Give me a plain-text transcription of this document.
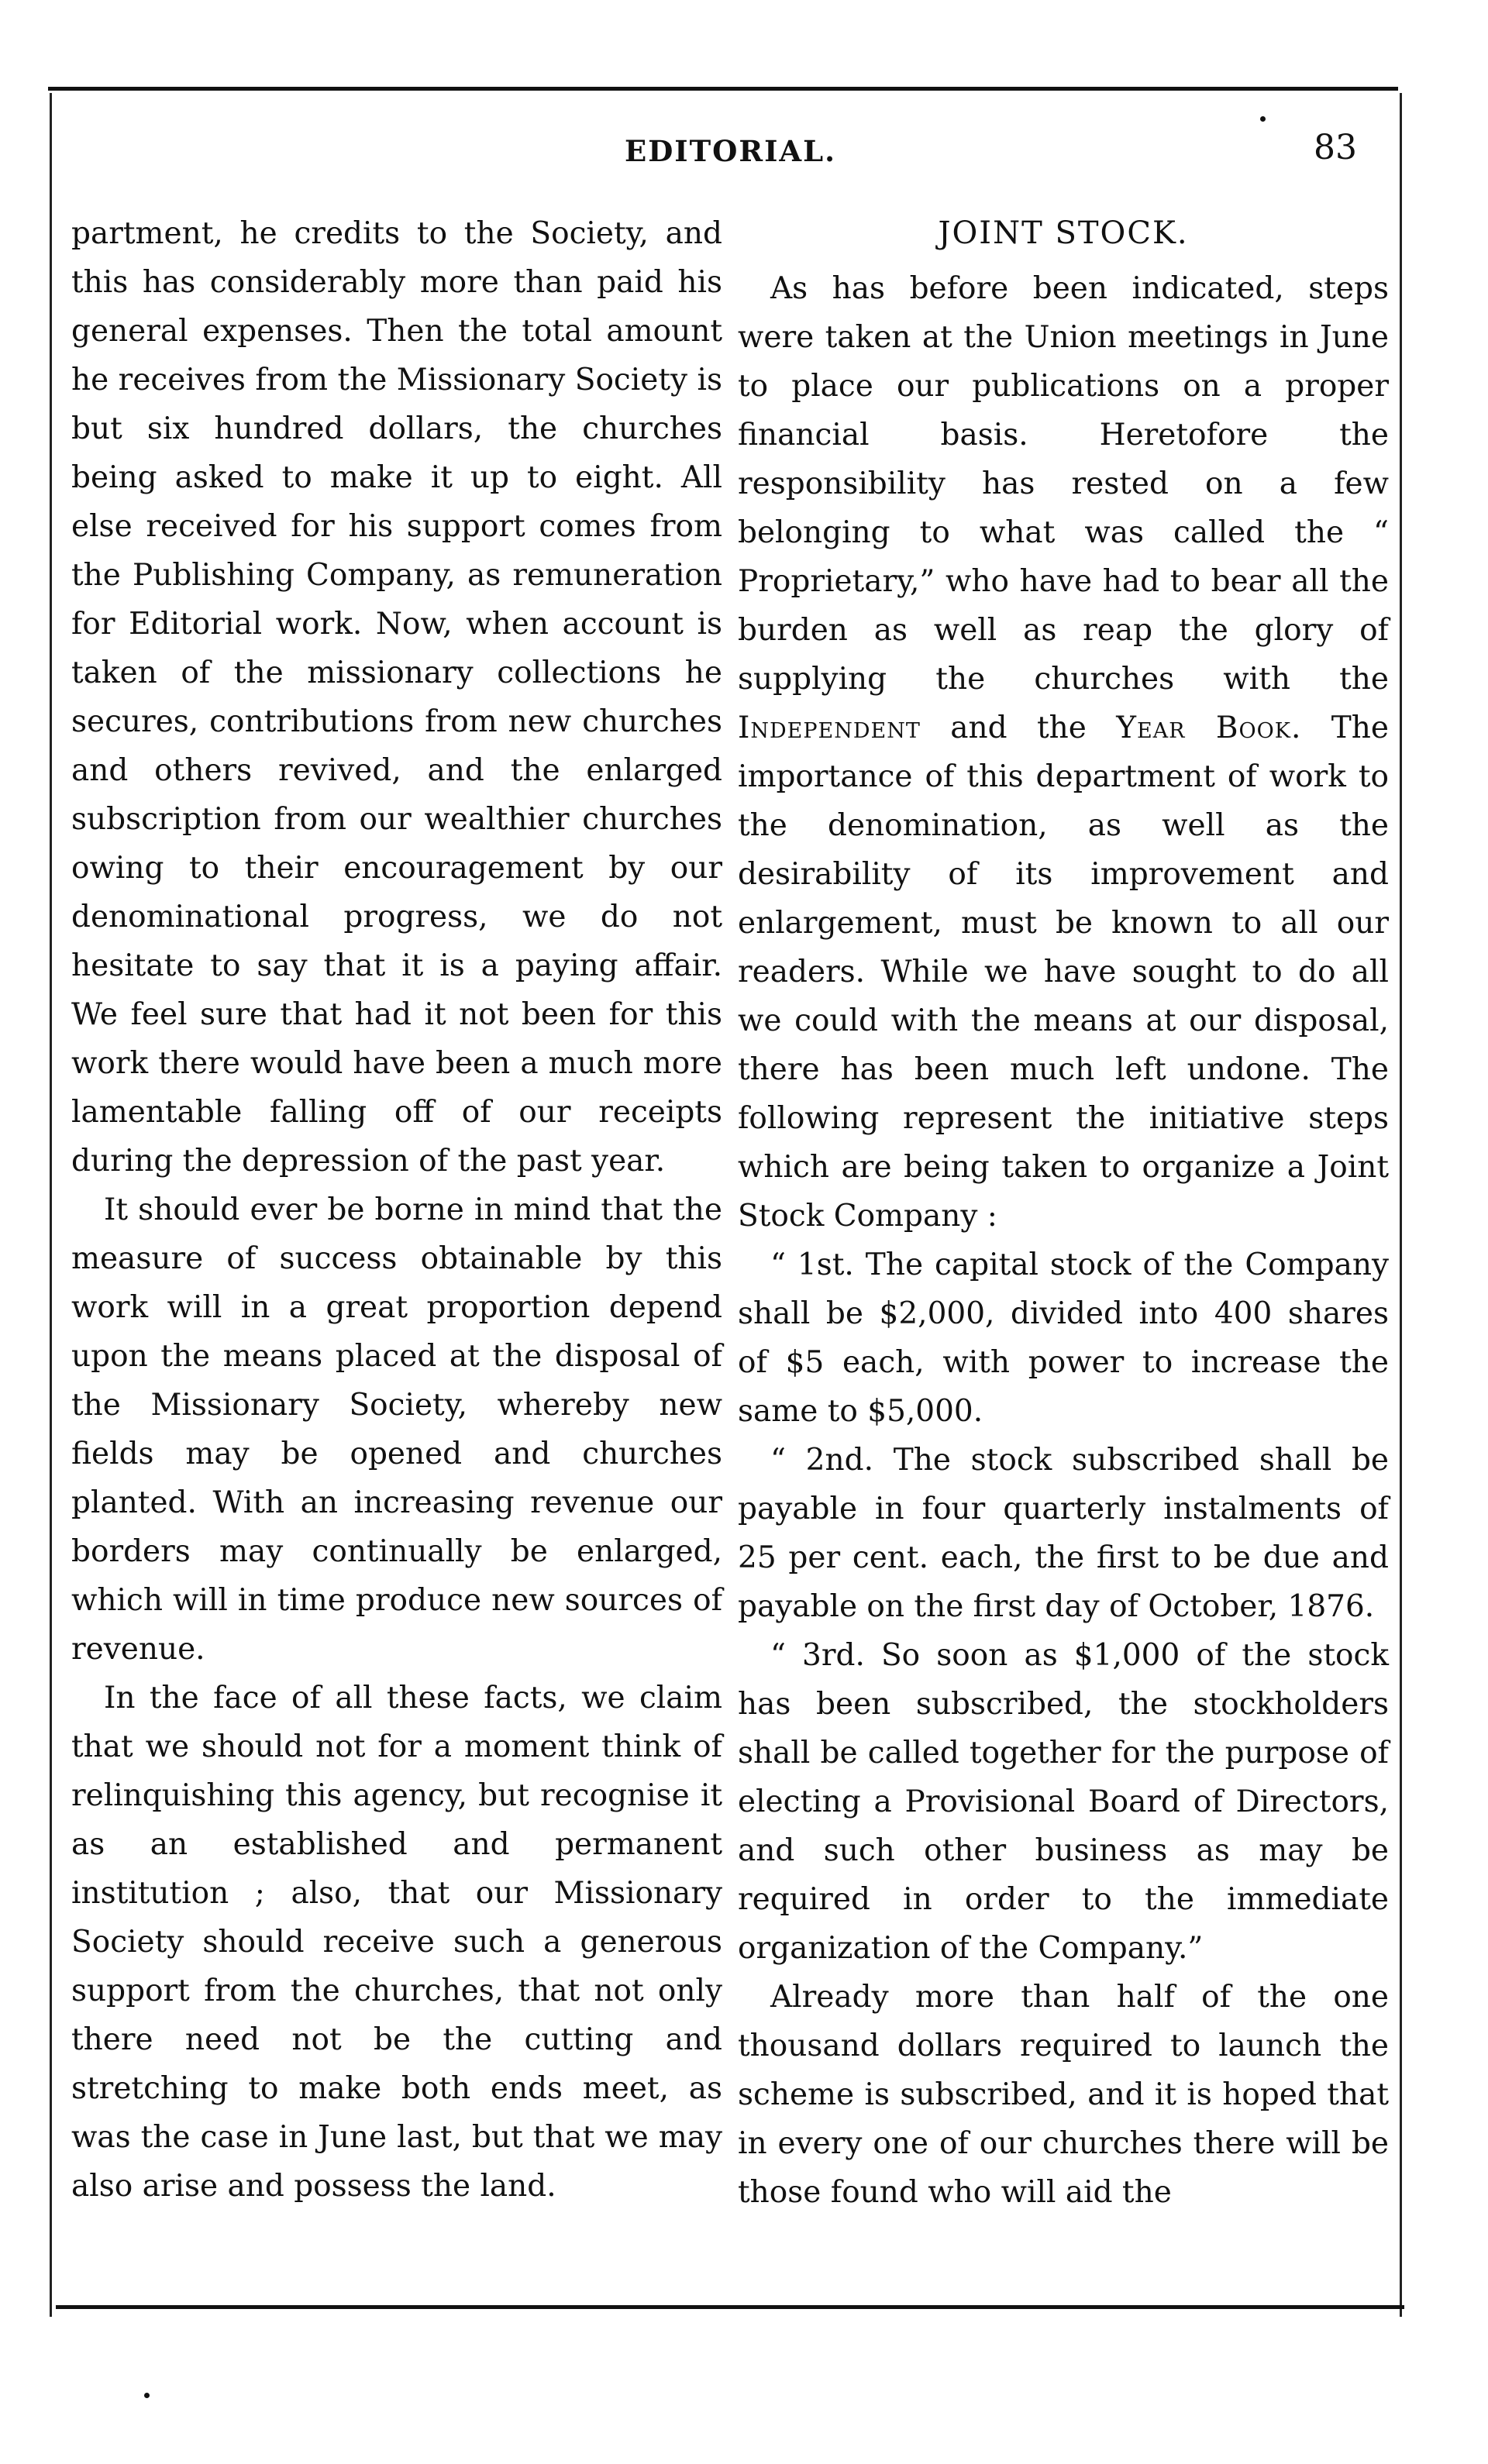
EDITORIAL.	83

partment, he credits to the Society, and this has considerably more than paid his general expenses. Then the total amount he receives from the Missionary Society is but six hundred dollars, the churches being asked to make it up to eight. All else received for his support comes from the Publishing Company, as remuneration for Editorial work. Now, when account is taken of the missionary collections he secures, contributions from new churches and others revived, and the enlarged subscription from our wealthier churches owing to their encouragement by our denominational progress, we do not hesitate to say that it is a paying affair. We feel sure that had it not been for this work there would have been a much more lamentable falling off of our receipts during the depression of the past year.

It should ever be borne in mind that the measure of success obtainable by this work will in a great proportion depend upon the means placed at the disposal of the Missionary Society, whereby new fields may be opened and churches planted. With an increasing revenue our borders may continually be enlarged, which will in time produce new sources of revenue.

In the face of all these facts, we claim that we should not for a moment think of relinquishing this agency, but recognise it as an established and permanent institution ; also, that our Missionary Society should receive such a generous support from the churches, that not only there need not be the cutting and stretching to make both ends meet, as was the case in June last, but that we may also arise and possess the land.

JOINT STOCK.

As has before been indicated, steps were taken at the Union meetings in June to place our publications on a proper financial basis. Heretofore the responsibility has rested on a few belonging to what was called the “ Proprietary,” who have had to bear all the burden as well as reap the glory of supplying the churches with the Independent and the Year Book. The importance of this department of work to the denomination, as well as the desirability of its improvement and enlargement, must be known to all our readers. While we have sought to do all we could with the means at our disposal, there has been much left undone. The following represent the initiative steps which are being taken to organize a Joint Stock Company :

“ 1st. The capital stock of the Company shall be $2,000, divided into 400 shares of $5 each, with power to increase the same to $5,000.

“ 2nd. The stock subscribed shall be payable in four quarterly instalments of 25 per cent. each, the first to be due and payable on the first day of October, 1876.

“ 3rd. So soon as $1,000 of the stock has been subscribed, the stockholders shall be called together for the purpose of electing a Provisional Board of Directors, and such other business as may be required in order to the immediate organization of the Company.”

Already more than half of the one thousand dollars required to launch the scheme is subscribed, and it is hoped that in every one of our churches there will be those found who will aid the
